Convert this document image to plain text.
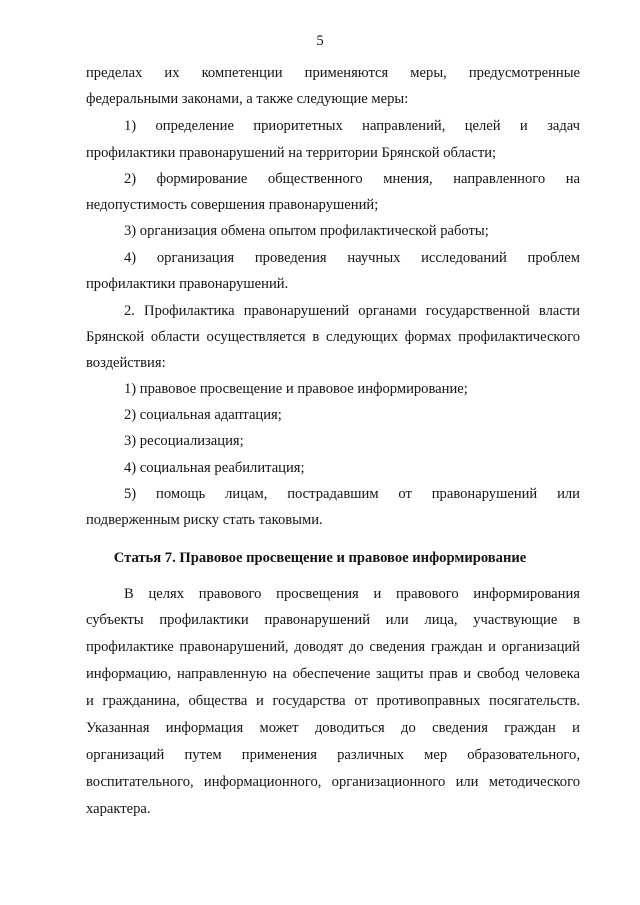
5
пределах их компетенции применяются меры, предусмотренные
федеральными законами, а также следующие меры:
1) определение приоритетных направлений, целей и задач
профилактики правонарушений на территории Брянской области;
2) формирование общественного мнения, направленного на
недопустимость совершения правонарушений;
3) организация обмена опытом профилактической работы;
4) организация проведения научных исследований проблем
профилактики правонарушений.
2. Профилактика правонарушений органами государственной власти
Брянской области осуществляется в следующих формах профилактического
воздействия:
1) правовое просвещение и правовое информирование;
2) социальная адаптация;
3) ресоциализация;
4) социальная реабилитация;
5) помощь лицам, пострадавшим от правонарушений или
подверженным риску стать таковыми.
Статья 7. Правовое просвещение и правовое информирование
В целях правового просвещения и правового информирования
субъекты профилактики правонарушений или лица, участвующие в
профилактике правонарушений, доводят до сведения граждан и организаций
информацию, направленную на обеспечение защиты прав и свобод человека
и гражданина, общества и государства от противоправных посягательств.
Указанная информация может доводиться до сведения граждан и
организаций путем применения различных мер образовательного,
воспитательного, информационного, организационного или методического
характера.
